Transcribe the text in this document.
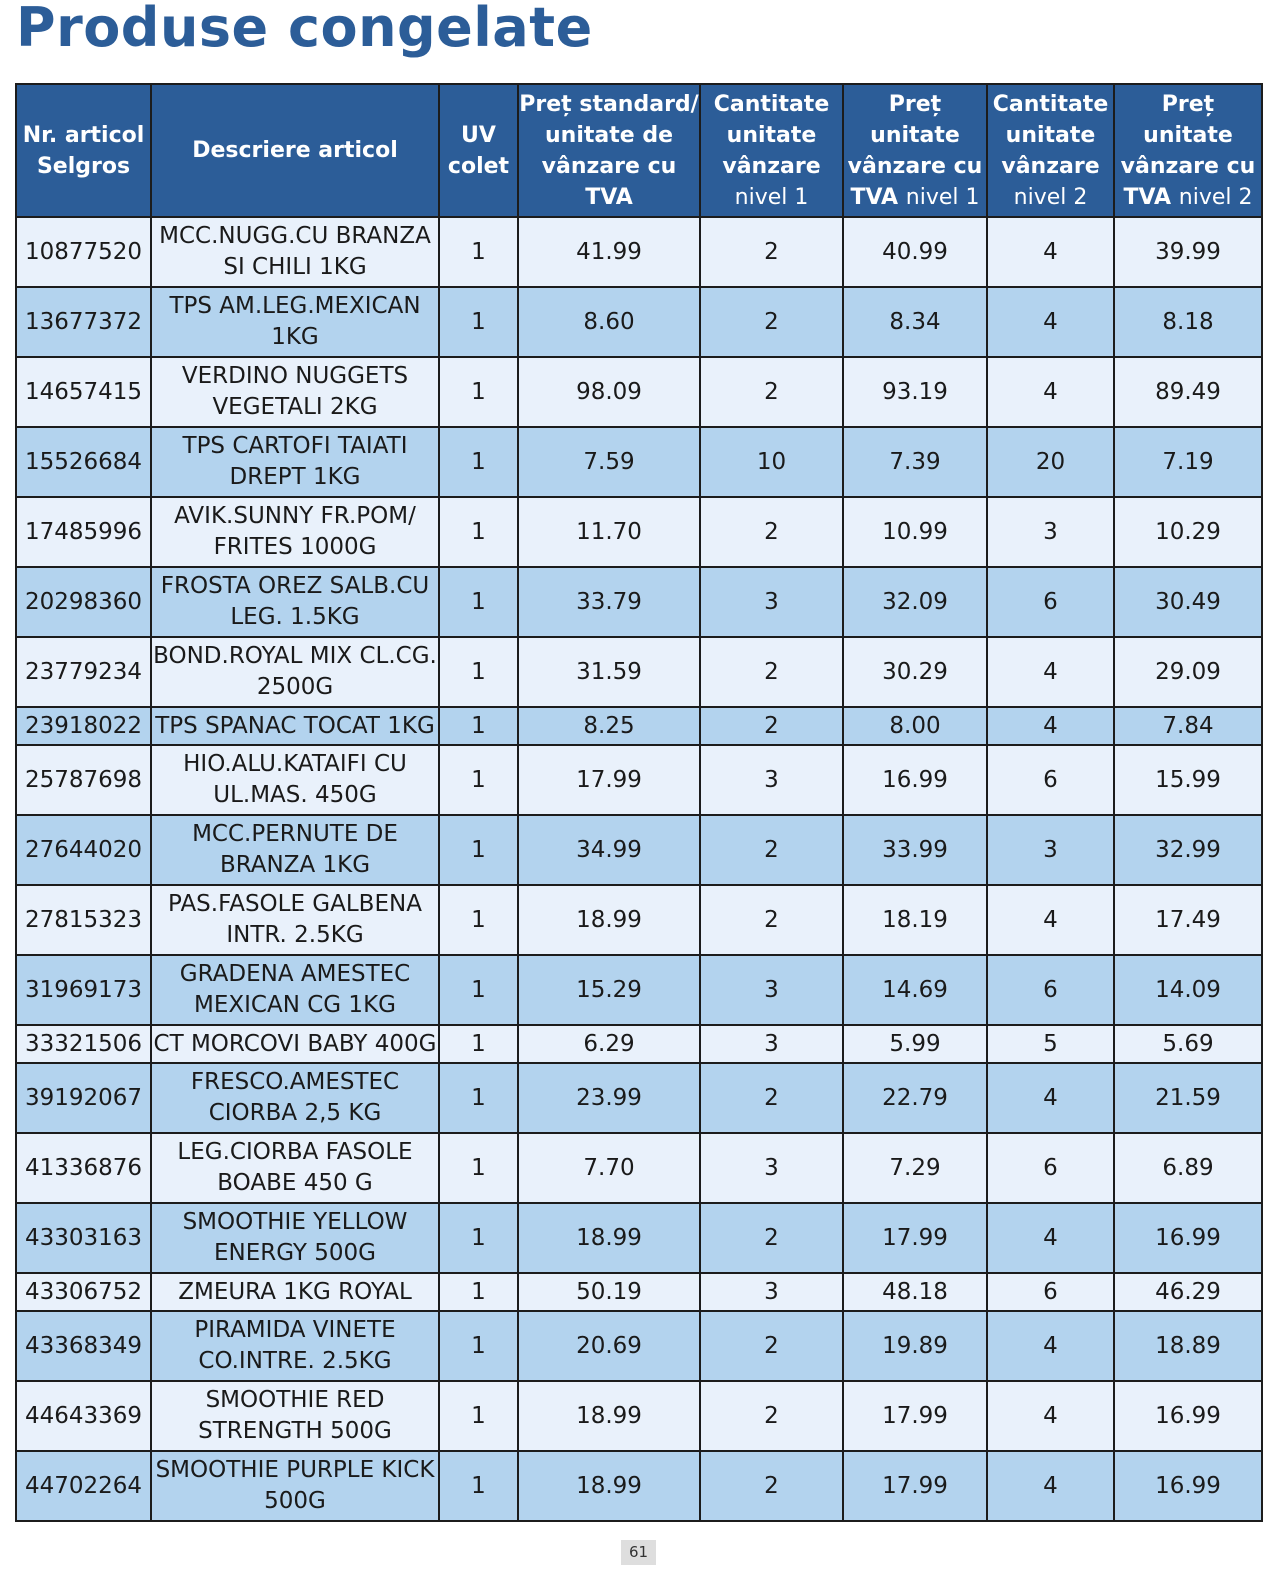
Produse congelate
Nr. articol Selgros	Descriere articol	UV colet	Preț standard/ unitate de vânzare cu TVA	Cantitate unitate vânzare nivel 1	Preț unitate vânzare cu TVA nivel 1	Cantitate unitate vânzare nivel 2	Preț unitate vânzare cu TVA nivel 2
10877520	MCC.NUGG.CU BRANZA SI CHILI 1KG	1	41.99	2	40.99	4	39.99
13677372	TPS AM.LEG.MEXICAN 1KG	1	8.60	2	8.34	4	8.18
14657415	VERDINO NUGGETS VEGETALI 2KG	1	98.09	2	93.19	4	89.49
15526684	TPS CARTOFI TAIATI DREPT 1KG	1	7.59	10	7.39	20	7.19
17485996	AVIK.SUNNY FR.POM/ FRITES 1000G	1	11.70	2	10.99	3	10.29
20298360	FROSTA OREZ SALB.CU LEG. 1.5KG	1	33.79	3	32.09	6	30.49
23779234	BOND.ROYAL MIX CL.CG. 2500G	1	31.59	2	30.29	4	29.09
23918022	TPS SPANAC TOCAT 1KG	1	8.25	2	8.00	4	7.84
25787698	HIO.ALU.KATAIFI CU UL.MAS. 450G	1	17.99	3	16.99	6	15.99
27644020	MCC.PERNUTE DE BRANZA 1KG	1	34.99	2	33.99	3	32.99
27815323	PAS.FASOLE GALBENA INTR. 2.5KG	1	18.99	2	18.19	4	17.49
31969173	GRADENA AMESTEC MEXICAN CG 1KG	1	15.29	3	14.69	6	14.09
33321506	CT MORCOVI BABY 400G	1	6.29	3	5.99	5	5.69
39192067	FRESCO.AMESTEC CIORBA 2,5 KG	1	23.99	2	22.79	4	21.59
41336876	LEG.CIORBA FASOLE BOABE 450 G	1	7.70	3	7.29	6	6.89
43303163	SMOOTHIE YELLOW ENERGY 500G	1	18.99	2	17.99	4	16.99
43306752	ZMEURA 1KG ROYAL	1	50.19	3	48.18	6	46.29
43368349	PIRAMIDA VINETE CO.INTRE. 2.5KG	1	20.69	2	19.89	4	18.89
44643369	SMOOTHIE RED STRENGTH 500G	1	18.99	2	17.99	4	16.99
44702264	SMOOTHIE PURPLE KICK 500G	1	18.99	2	17.99	4	16.99
61
